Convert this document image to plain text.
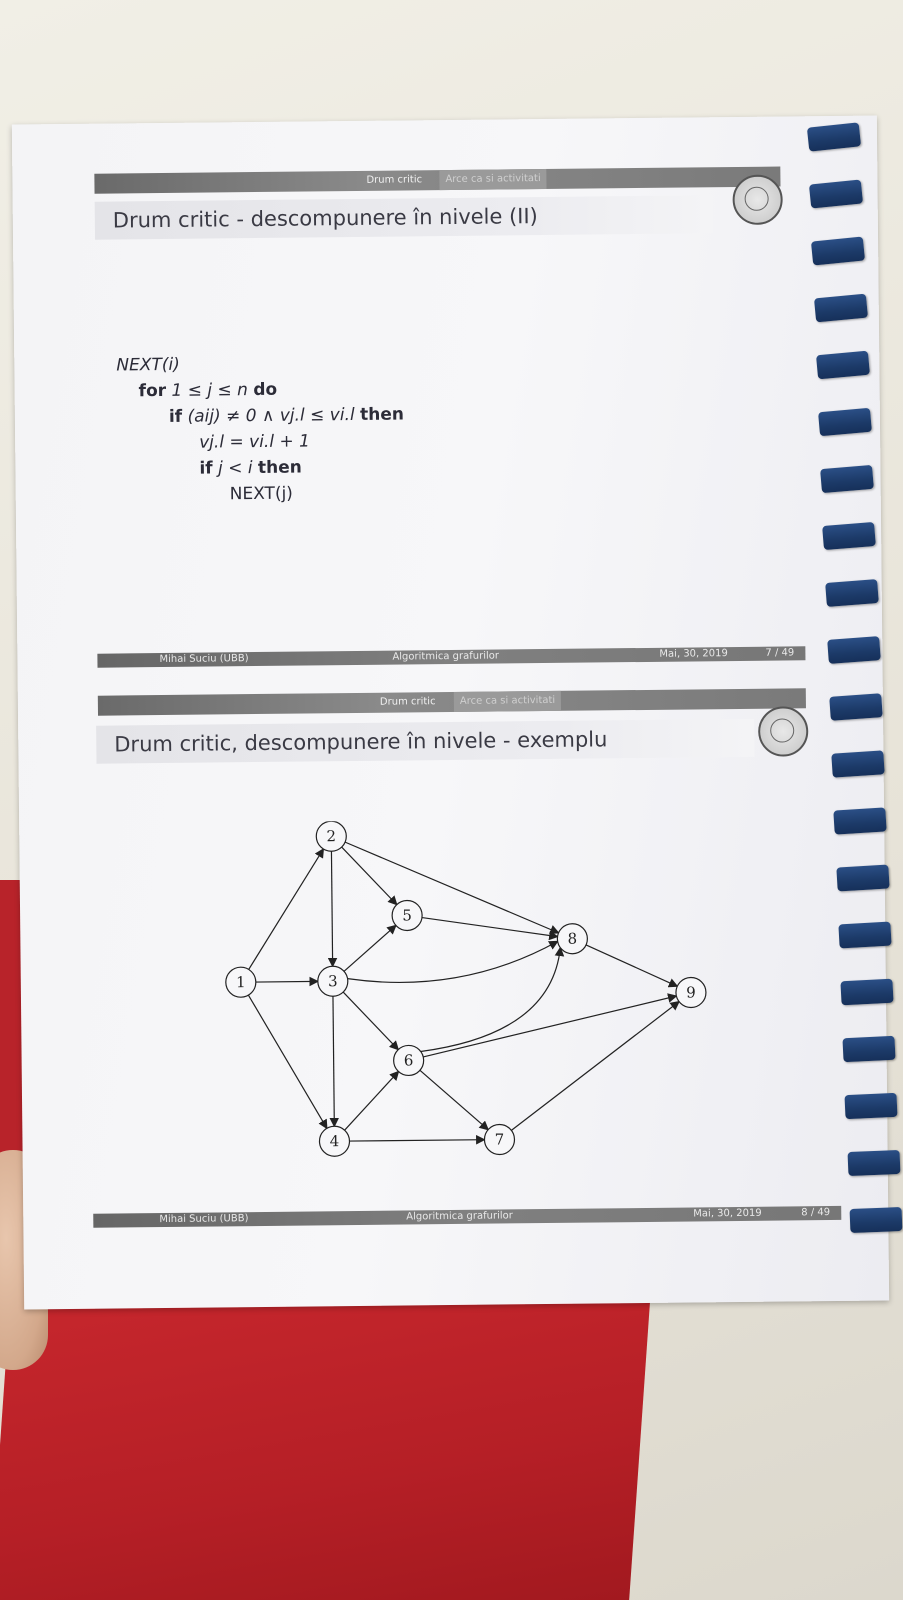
Drum critic	Arce ca si activitati
Drum critic - descompunere în nivele (II)
NEXT(i)
for 1 ≤ j ≤ n do
if (aij) ≠ 0 ∧ vj.l ≤ vi.l then
vj.l = vi.l + 1
if j < i then
NEXT(j)
Mihai Suciu (UBB)	Algoritmica grafurilor	Mai, 30, 2019	7 / 49
Drum critic	Arce ca si activitati
Drum critic, descompunere în nivele - exemplu
1
2
3
4
5
6
7
8
9
Mihai Suciu (UBB)	Algoritmica grafurilor	Mai, 30, 2019	8 / 49
